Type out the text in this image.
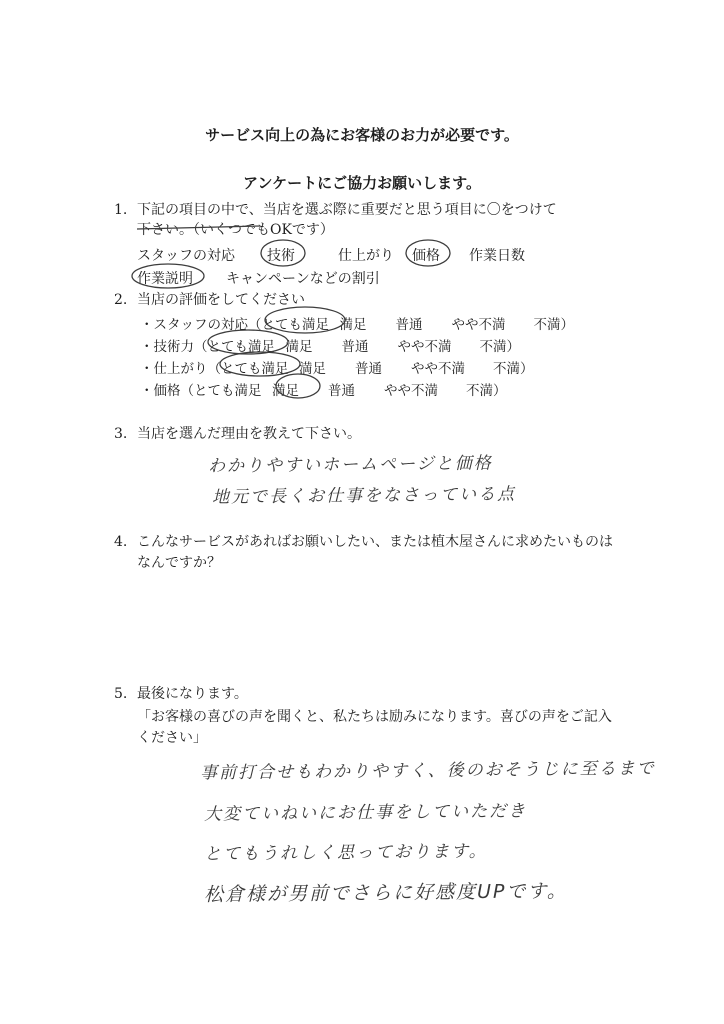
サービス向上の為にお客様のお力が必要です。
アンケートにご協力お願いします。
1. 下記の項目の中で、当店を選ぶ際に重要だと思う項目に〇をつけて
下さい。（いくつでもOKです）
スタッフの対応 技術	仕上がり 価格 作業日数
作業説明 キャンペーンなどの割引
2. 当店の評価をしてください
・スタッフの対応（とても満足 満足 普通 やや不満 不満）
・技術力（とても満足 満足 普通 やや不満 不満）
・仕上がり（とても満足 満足 普通 やや不満 不満）
・価格（とても満足 満足 普通 やや不満 不満）
3. 当店を選んだ理由を教えて下さい。
わかりやすいホームページと価格
地元で長くお仕事をなさっている点
4. こんなサービスがあればお願いしたい、または植木屋さんに求めたいものは
なんですか？
5. 最後になります。
「お客様の喜びの声を聞くと、私たちは励みになります。喜びの声をご記入
ください」
事前打合せもわかりやすく、後のおそうじに至るまで
大変ていねいにお仕事をしていただき
とてもうれしく思っております。
松倉様が男前でさらに好感度UPです。
